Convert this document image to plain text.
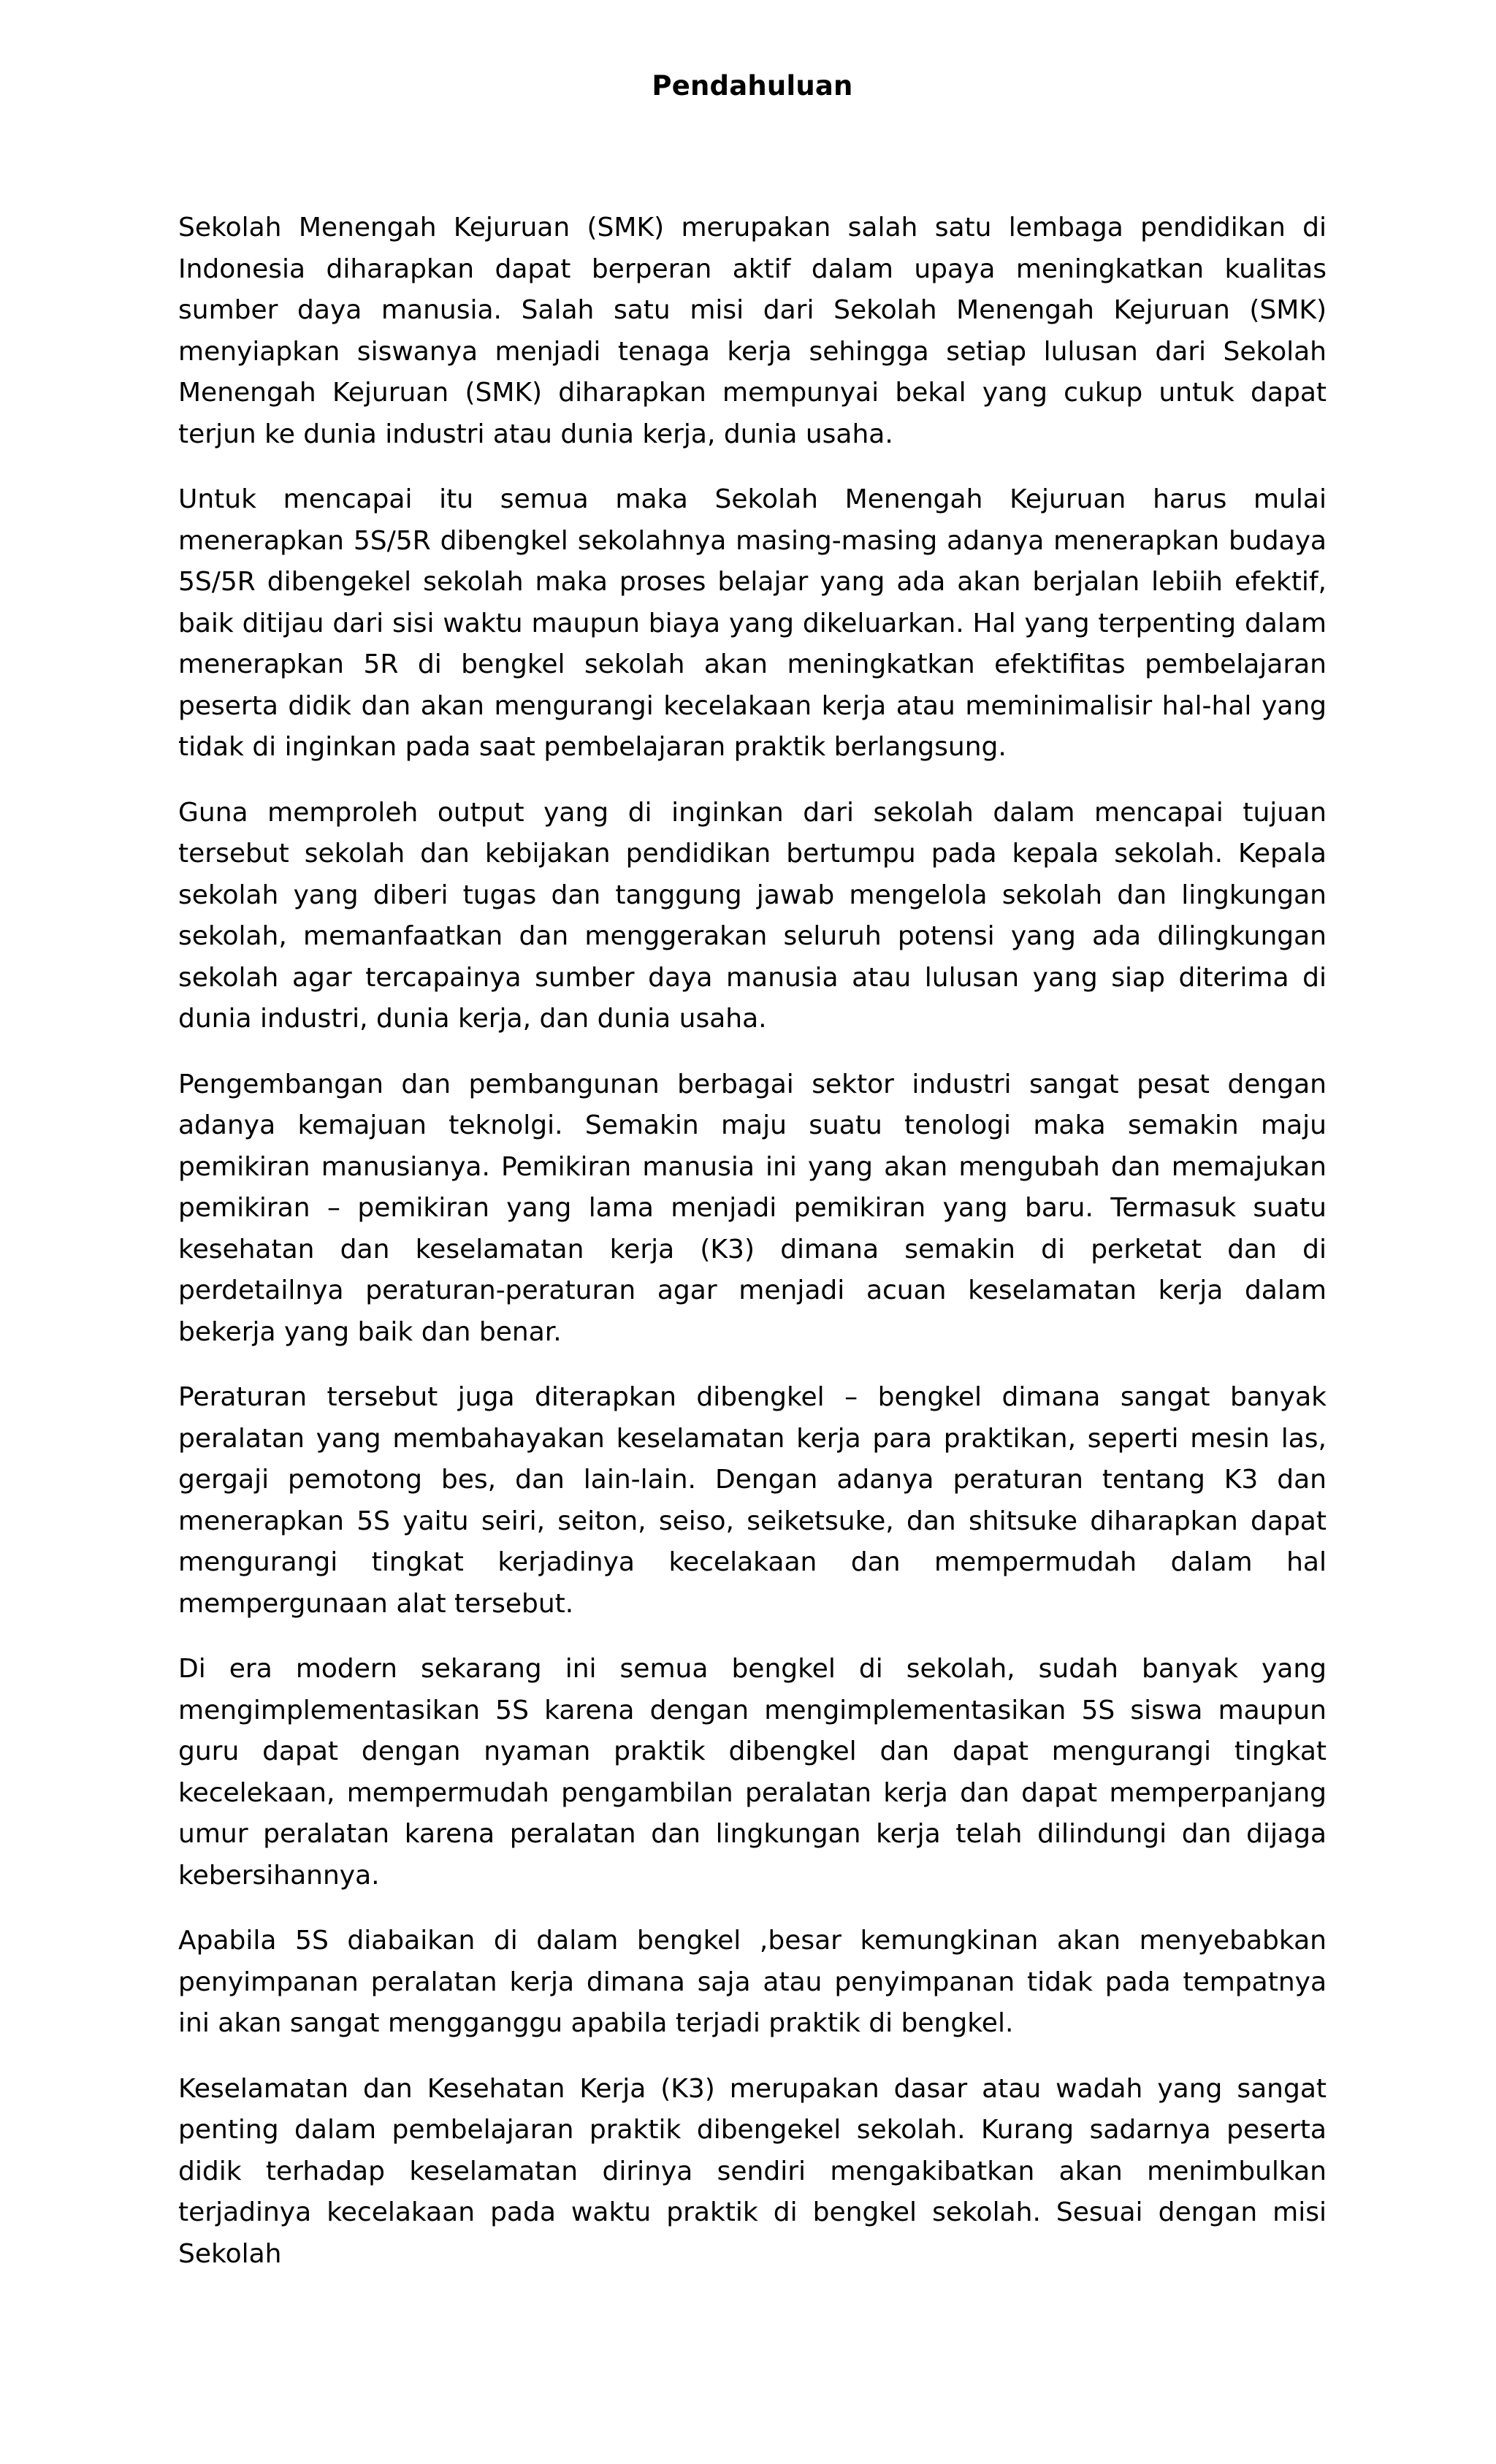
Pendahuluan

Sekolah Menengah Kejuruan (SMK) merupakan salah satu lembaga pendidikan di Indonesia diharapkan dapat berperan aktif dalam upaya meningkatkan kualitas sumber daya manusia. Salah satu misi dari Sekolah Menengah Kejuruan (SMK) menyiapkan siswanya menjadi tenaga kerja sehingga setiap lulusan dari Sekolah Menengah Kejuruan (SMK) diharapkan mempunyai bekal yang cukup untuk dapat terjun ke dunia industri atau dunia kerja, dunia usaha.

Untuk mencapai itu semua maka Sekolah Menengah Kejuruan harus mulai menerapkan 5S/5R dibengkel sekolahnya masing-masing adanya menerapkan budaya 5S/5R dibengekel sekolah maka proses belajar yang ada akan berjalan lebiih efektif, baik ditijau dari sisi waktu maupun biaya yang dikeluarkan. Hal yang terpenting dalam menerapkan 5R di bengkel sekolah akan meningkatkan efektifitas pembelajaran peserta didik dan akan mengurangi kecelakaan kerja atau meminimalisir hal-hal yang tidak di inginkan pada saat pembelajaran praktik berlangsung.

Guna memproleh output yang di inginkan dari sekolah dalam mencapai tujuan tersebut sekolah dan kebijakan pendidikan bertumpu pada kepala sekolah. Kepala sekolah yang diberi tugas dan tanggung jawab mengelola sekolah dan lingkungan sekolah, memanfaatkan dan menggerakan seluruh potensi yang ada dilingkungan sekolah agar tercapainya sumber daya manusia atau lulusan yang siap diterima di dunia industri, dunia kerja, dan dunia usaha.

Pengembangan dan pembangunan berbagai sektor industri sangat pesat dengan adanya kemajuan teknolgi. Semakin maju suatu tenologi maka semakin maju pemikiran manusianya. Pemikiran manusia ini yang akan mengubah dan memajukan pemikiran – pemikiran yang lama menjadi pemikiran yang baru. Termasuk suatu kesehatan dan keselamatan kerja (K3) dimana semakin di perketat dan di perdetailnya peraturan-peraturan agar menjadi acuan keselamatan kerja dalam bekerja yang baik dan benar.

Peraturan tersebut juga diterapkan dibengkel – bengkel dimana sangat banyak peralatan yang membahayakan keselamatan kerja para praktikan, seperti mesin las, gergaji pemotong bes, dan lain-lain. Dengan adanya peraturan tentang K3 dan menerapkan 5S yaitu seiri, seiton, seiso, seiketsuke, dan shitsuke diharapkan dapat mengurangi tingkat kerjadinya kecelakaan dan mempermudah dalam hal mempergunaan alat tersebut.

Di era modern sekarang ini semua bengkel di sekolah, sudah banyak yang mengimplementasikan 5S karena dengan mengimplementasikan 5S siswa maupun guru dapat dengan nyaman praktik dibengkel dan dapat mengurangi tingkat kecelekaan, mempermudah pengambilan peralatan kerja dan dapat memperpanjang umur peralatan karena peralatan dan lingkungan kerja telah dilindungi dan dijaga kebersihannya.

Apabila 5S diabaikan di dalam bengkel ,besar kemungkinan akan menyebabkan penyimpanan peralatan kerja dimana saja atau penyimpanan tidak pada tempatnya ini akan sangat mengganggu apabila terjadi praktik di bengkel.

Keselamatan dan Kesehatan Kerja (K3) merupakan dasar atau wadah yang sangat penting dalam pembelajaran praktik dibengekel sekolah. Kurang sadarnya peserta didik terhadap keselamatan dirinya sendiri mengakibatkan akan menimbulkan terjadinya kecelakaan pada waktu praktik di bengkel sekolah. Sesuai dengan misi Sekolah
